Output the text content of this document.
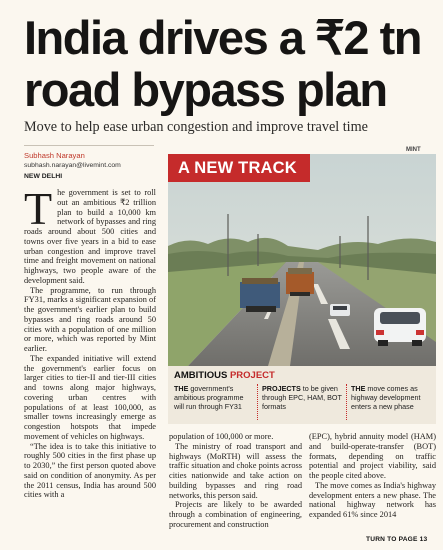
India drives a ₹2 tn road bypass plan
Move to help ease urban congestion and improve travel time
Subhash Narayan
subhash.narayan@livemint.com
NEW DELHI
MINT
A NEW TRACK
AMBITIOUS PROJECT
THE government's ambitious programme will run through FY31
PROJECTS to be given through EPC, HAM, BOT formats
THE move comes as highway development enters a new phase

The government is set to roll out an ambitious ₹2 trillion plan to build a 10,000 km network of bypasses and ring roads around about 500 cities and towns over five years in a bid to ease urban congestion and improve travel time and freight movement on national highways, two people aware of the development said.

The programme, to run through FY31, marks a significant expansion of the government's earlier plan to build bypasses and ring roads around 50 cities with a population of one million or more, which was reported by Mint earlier.

The expanded initiative will extend the government's earlier focus on larger cities to tier-II and tier-III cities and towns along major highways, covering urban centres with populations of at least 100,000, as smaller towns increasingly emerge as congestion hotspots that impede movement of vehicles on highways.

“The idea is to take this initiative to roughly 500 cities in the first phase up to 2030,” the first person quoted above said on condition of anonymity. As per the 2011 census, India has around 500 cities with a

population of 100,000 or more.

The ministry of road transport and highways (MoRTH) will assess the traffic situation and choke points across cities nationwide and take action on building bypasses and ring road networks, this person said.

Projects are likely to be awarded through a combination of engineering, procurement and construction

(EPC), hybrid annuity model (HAM) and build-operate-transfer (BOT) formats, depending on traffic potential and project viability, said the people cited above.

The move comes as India's highway development enters a new phase. The national highway network has expanded 61% since 2014

TURN TO PAGE 13
